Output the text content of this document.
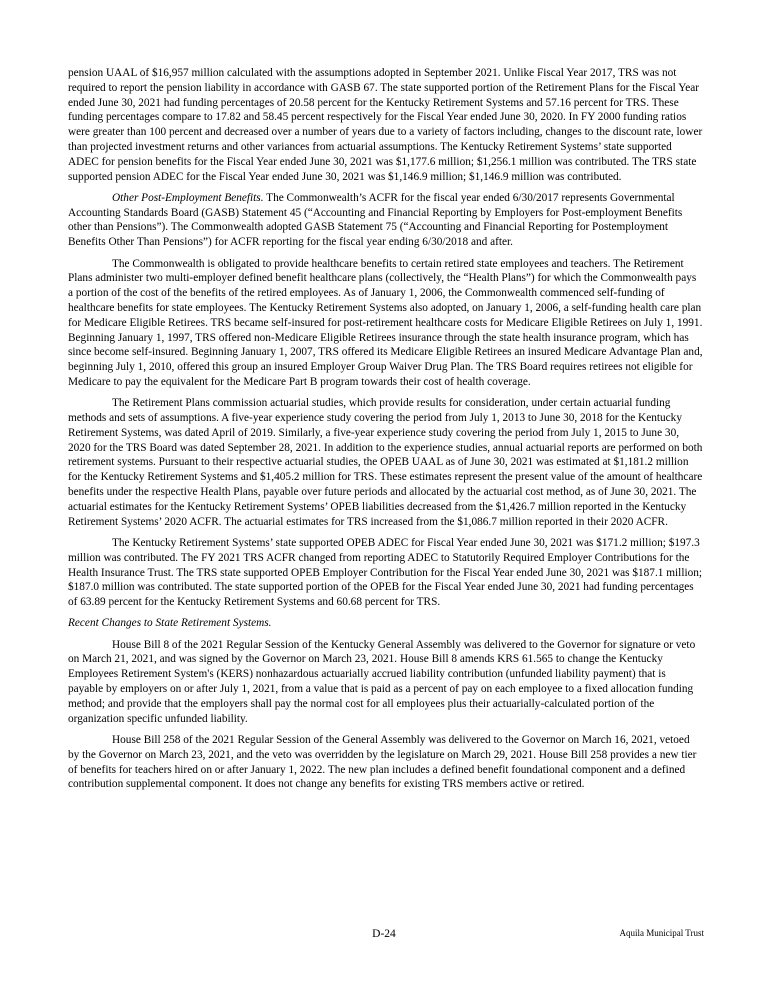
pension UAAL of $16,957 million calculated with the assumptions adopted in September 2021. Unlike Fiscal Year 2017, TRS was not required to report the pension liability in accordance with GASB 67. The state supported portion of the Retirement Plans for the Fiscal Year ended June 30, 2021 had funding percentages of 20.58 percent for the Kentucky Retirement Systems and 57.16 percent for TRS. These funding percentages compare to 17.82 and 58.45 percent respectively for the Fiscal Year ended June 30, 2020. In FY 2000 funding ratios were greater than 100 percent and decreased over a number of years due to a variety of factors including, changes to the discount rate, lower than projected investment returns and other variances from actuarial assumptions. The Kentucky Retirement Systems’ state supported ADEC for pension benefits for the Fiscal Year ended June 30, 2021 was $1,177.6 million; $1,256.1 million was contributed. The TRS state supported pension ADEC for the Fiscal Year ended June 30, 2021 was $1,146.9 million; $1,146.9 million was contributed.

Other Post-Employment Benefits. The Commonwealth’s ACFR for the fiscal year ended 6/30/2017 represents Governmental Accounting Standards Board (GASB) Statement 45 (“Accounting and Financial Reporting by Employers for Post-employment Benefits other than Pensions”). The Commonwealth adopted GASB Statement 75 (“Accounting and Financial Reporting for Postemployment Benefits Other Than Pensions”) for ACFR reporting for the fiscal year ending 6/30/2018 and after.

The Commonwealth is obligated to provide healthcare benefits to certain retired state employees and teachers. The Retirement Plans administer two multi-employer defined benefit healthcare plans (collectively, the “Health Plans”) for which the Commonwealth pays a portion of the cost of the benefits of the retired employees. As of January 1, 2006, the Commonwealth commenced self-funding of healthcare benefits for state employees. The Kentucky Retirement Systems also adopted, on January 1, 2006, a self-funding health care plan for Medicare Eligible Retirees. TRS became self-insured for post-retirement healthcare costs for Medicare Eligible Retirees on July 1, 1991. Beginning January 1, 1997, TRS offered non-Medicare Eligible Retirees insurance through the state health insurance program, which has since become self-insured. Beginning January 1, 2007, TRS offered its Medicare Eligible Retirees an insured Medicare Advantage Plan and, beginning July 1, 2010, offered this group an insured Employer Group Waiver Drug Plan. The TRS Board requires retirees not eligible for Medicare to pay the equivalent for the Medicare Part B program towards their cost of health coverage.

The Retirement Plans commission actuarial studies, which provide results for consideration, under certain actuarial funding methods and sets of assumptions. A five-year experience study covering the period from July 1, 2013 to June 30, 2018 for the Kentucky Retirement Systems, was dated April of 2019. Similarly, a five-year experience study covering the period from July 1, 2015 to June 30, 2020 for the TRS Board was dated September 28, 2021. In addition to the experience studies, annual actuarial reports are performed on both retirement systems. Pursuant to their respective actuarial studies, the OPEB UAAL as of June 30, 2021 was estimated at $1,181.2 million for the Kentucky Retirement Systems and $1,405.2 million for TRS. These estimates represent the present value of the amount of healthcare benefits under the respective Health Plans, payable over future periods and allocated by the actuarial cost method, as of June 30, 2021. The actuarial estimates for the Kentucky Retirement Systems’ OPEB liabilities decreased from the $1,426.7 million reported in the Kentucky Retirement Systems’ 2020 ACFR. The actuarial estimates for TRS increased from the $1,086.7 million reported in their 2020 ACFR.

The Kentucky Retirement Systems’ state supported OPEB ADEC for Fiscal Year ended June 30, 2021 was $171.2 million; $197.3 million was contributed. The FY 2021 TRS ACFR changed from reporting ADEC to Statutorily Required Employer Contributions for the Health Insurance Trust. The TRS state supported OPEB Employer Contribution for the Fiscal Year ended June 30, 2021 was $187.1 million; $187.0 million was contributed. The state supported portion of the OPEB for the Fiscal Year ended June 30, 2021 had funding percentages of 63.89 percent for the Kentucky Retirement Systems and 60.68 percent for TRS.

Recent Changes to State Retirement Systems.

House Bill 8 of the 2021 Regular Session of the Kentucky General Assembly was delivered to the Governor for signature or veto on March 21, 2021, and was signed by the Governor on March 23, 2021. House Bill 8 amends KRS 61.565 to change the Kentucky Employees Retirement System's (KERS) nonhazardous actuarially accrued liability contribution (unfunded liability payment) that is payable by employers on or after July 1, 2021, from a value that is paid as a percent of pay on each employee to a fixed allocation funding method; and provide that the employers shall pay the normal cost for all employees plus their actuarially-calculated portion of the organization specific unfunded liability.

House Bill 258 of the 2021 Regular Session of the General Assembly was delivered to the Governor on March 16, 2021, vetoed by the Governor on March 23, 2021, and the veto was overridden by the legislature on March 29, 2021. House Bill 258 provides a new tier of benefits for teachers hired on or after January 1, 2022. The new plan includes a defined benefit foundational component and a defined contribution supplemental component. It does not change any benefits for existing TRS members active or retired.

D-24	Aquila Municipal Trust
